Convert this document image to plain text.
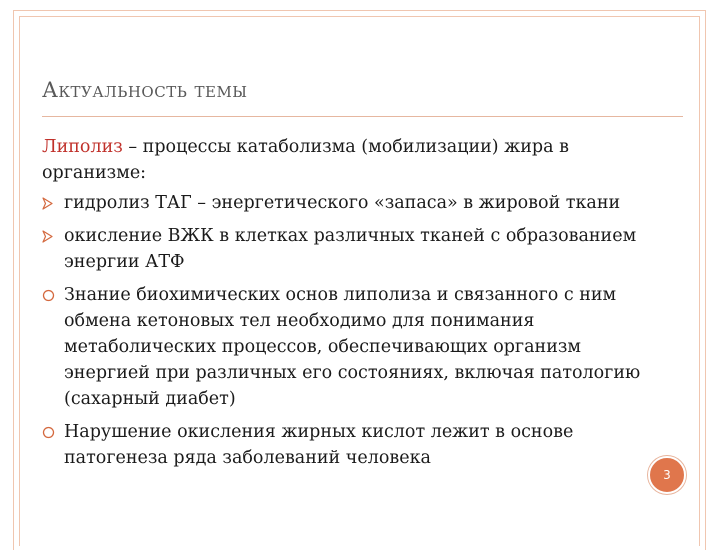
Актуальность темы

Липолиз – процессы катаболизма (мобилизации) жира в организме:

гидролиз ТАГ – энергетического «запаса» в жировой ткани
окисление ВЖК в клетках различных тканей с образованием энергии АТФ
Знание биохимических основ липолиза и связанного с ним обмена кетоновых тел необходимо для понимания метаболических процессов, обеспечивающих организм энергией при различных его состояниях, включая патологию (сахарный диабет)
Нарушение окисления жирных кислот лежит в основе патогенеза ряда заболеваний человека
3
